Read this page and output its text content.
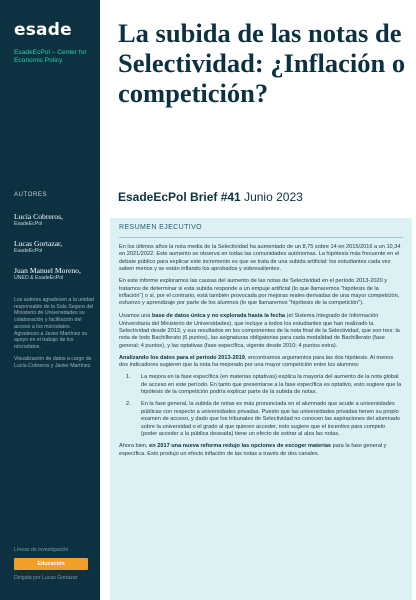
esade
EsadeEcPol – Center for Economic Policy
AUTORES
Lucía Cobreros,
EsadeEcPol
Lucas Gortazar,
EsadeEcPol
Juan Manuel Moreno,
UNED & EsadeEcPol
Los autores agradecen a la unidad responsable de la Sala Segura del Ministerio de Universidades su colaboración y facilitación del acceso a los microdatos. Agradecen a Javier Martínez su apoyo en el trabajo de los microdatos.
Visualización de datos a cargo de Lucía Cobreros y Javier Martínez.
Líneas de investigación
Educación
Dirigida por Lucas Gortazar
La subida de las notas de Selectividad: ¿Inflación o competición?
EsadeEcPol Brief #41 Junio 2023
RESUMEN EJECUTIVO

En los últimos años la nota media de la Selectividad ha aumentado de un 8,75 sobre 14 en 2015/2016 a un 10,34 en 2021/2022. Este aumento se observa en todas las comunidades autónomas. La hipótesis más frecuente en el debate público para explicar este incremento es que se trata de una subida artificial: los estudiantes cada vez saben menos y se están inflando los aprobados y sobresalientes.

En este informe exploramos las causas del aumento de las notas de Selectividad en el período 2013-2020 y tratamos de determinar si esta subida responde a un empuje artificial (lo que llamaremos "hipótesis de la inflación") o si, por el contrario, está también provocada por mejoras reales derivadas de una mayor competición, esfuerzo y aprendizaje por parte de los alumnos (lo que llamaremos "hipótesis de la competición").

Usamos una base de datos única y no explorada hasta la fecha (el Sistema Integrado de Información Universitaria del Ministerio de Universidades), que incluye a todos los estudiantes que han realizado la Selectividad desde 2013, y sus resultados en los componentes de la nota final de la Selectividad, que son tres: la nota de todo Bachillerato (6 puntos), las asignaturas obligatorias para cada modalidad de Bachillerato (fase general; 4 puntos), y las optativas (fase específica, vigente desde 2010; 4 puntos extra).

Analizando los datos para el periodo 2013-2019, encontramos argumentos para las dos hipótesis. Al menos dos indicadores sugieren que la nota ha mejorado por una mayor competición entre los alumnos:

1. La mejora en la fase específica (en materias optativas) explica la mayoría del aumento de la nota global de acceso en este período. En tanto que presentarse a la fase específica es optativo, esto sugiere que la hipótesis de la competición podría explicar parte de la subida de notas.
2. En la fase general, la subida de notas es más pronunciada en el alumnado que acude a universidades públicas con respecto a universidades privadas. Puesto que las universidades privadas tienen su propio examen de acceso, y dado que los tribunales de Selectividad no conocen las aspiraciones del alumnado sobre la universidad o el grado al que quieren acceder, esto sugiere que el incentivo para competir (poder acceder a la pública deseada) tiene un efecto de estirar al alza las notas.

Ahora bien, en 2017 una nueva reforma redujo las opciones de escoger materias para la fase general y específica. Esto produjo un efecto inflación de las notas a través de dos canales.
